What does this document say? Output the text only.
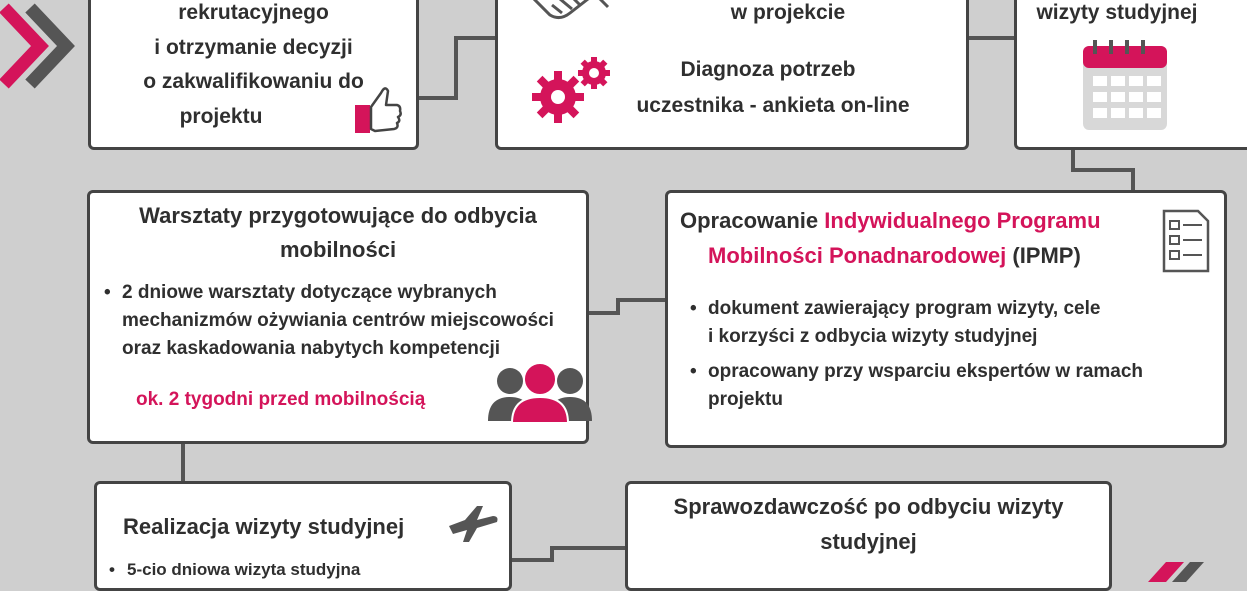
rekrutacyjnego
i otrzymanie decyzji
o zakwalifikowaniu do
projektu
w projekcie
Diagnoza potrzeb
uczestnika - ankieta on-line
wizyty studyjnej
Warsztaty przygotowujące do odbycia
mobilności
• 2 dniowe warsztaty dotyczące wybranych
mechanizmów ożywiania centrów miejscowości
oraz kaskadowania nabytych kompetencji
ok. 2 tygodni przed mobilnością
Opracowanie Indywidualnego Programu
Mobilności Ponadnarodowej (IPMP)
• dokument zawierający program wizyty, cele
i korzyści z odbycia wizyty studyjnej
• opracowany przy wsparciu ekspertów w ramach
projektu
Realizacja wizyty studyjnej
• 5-cio dniowa wizyta studyjna
Sprawozdawczość po odbyciu wizyty
studyjnej
